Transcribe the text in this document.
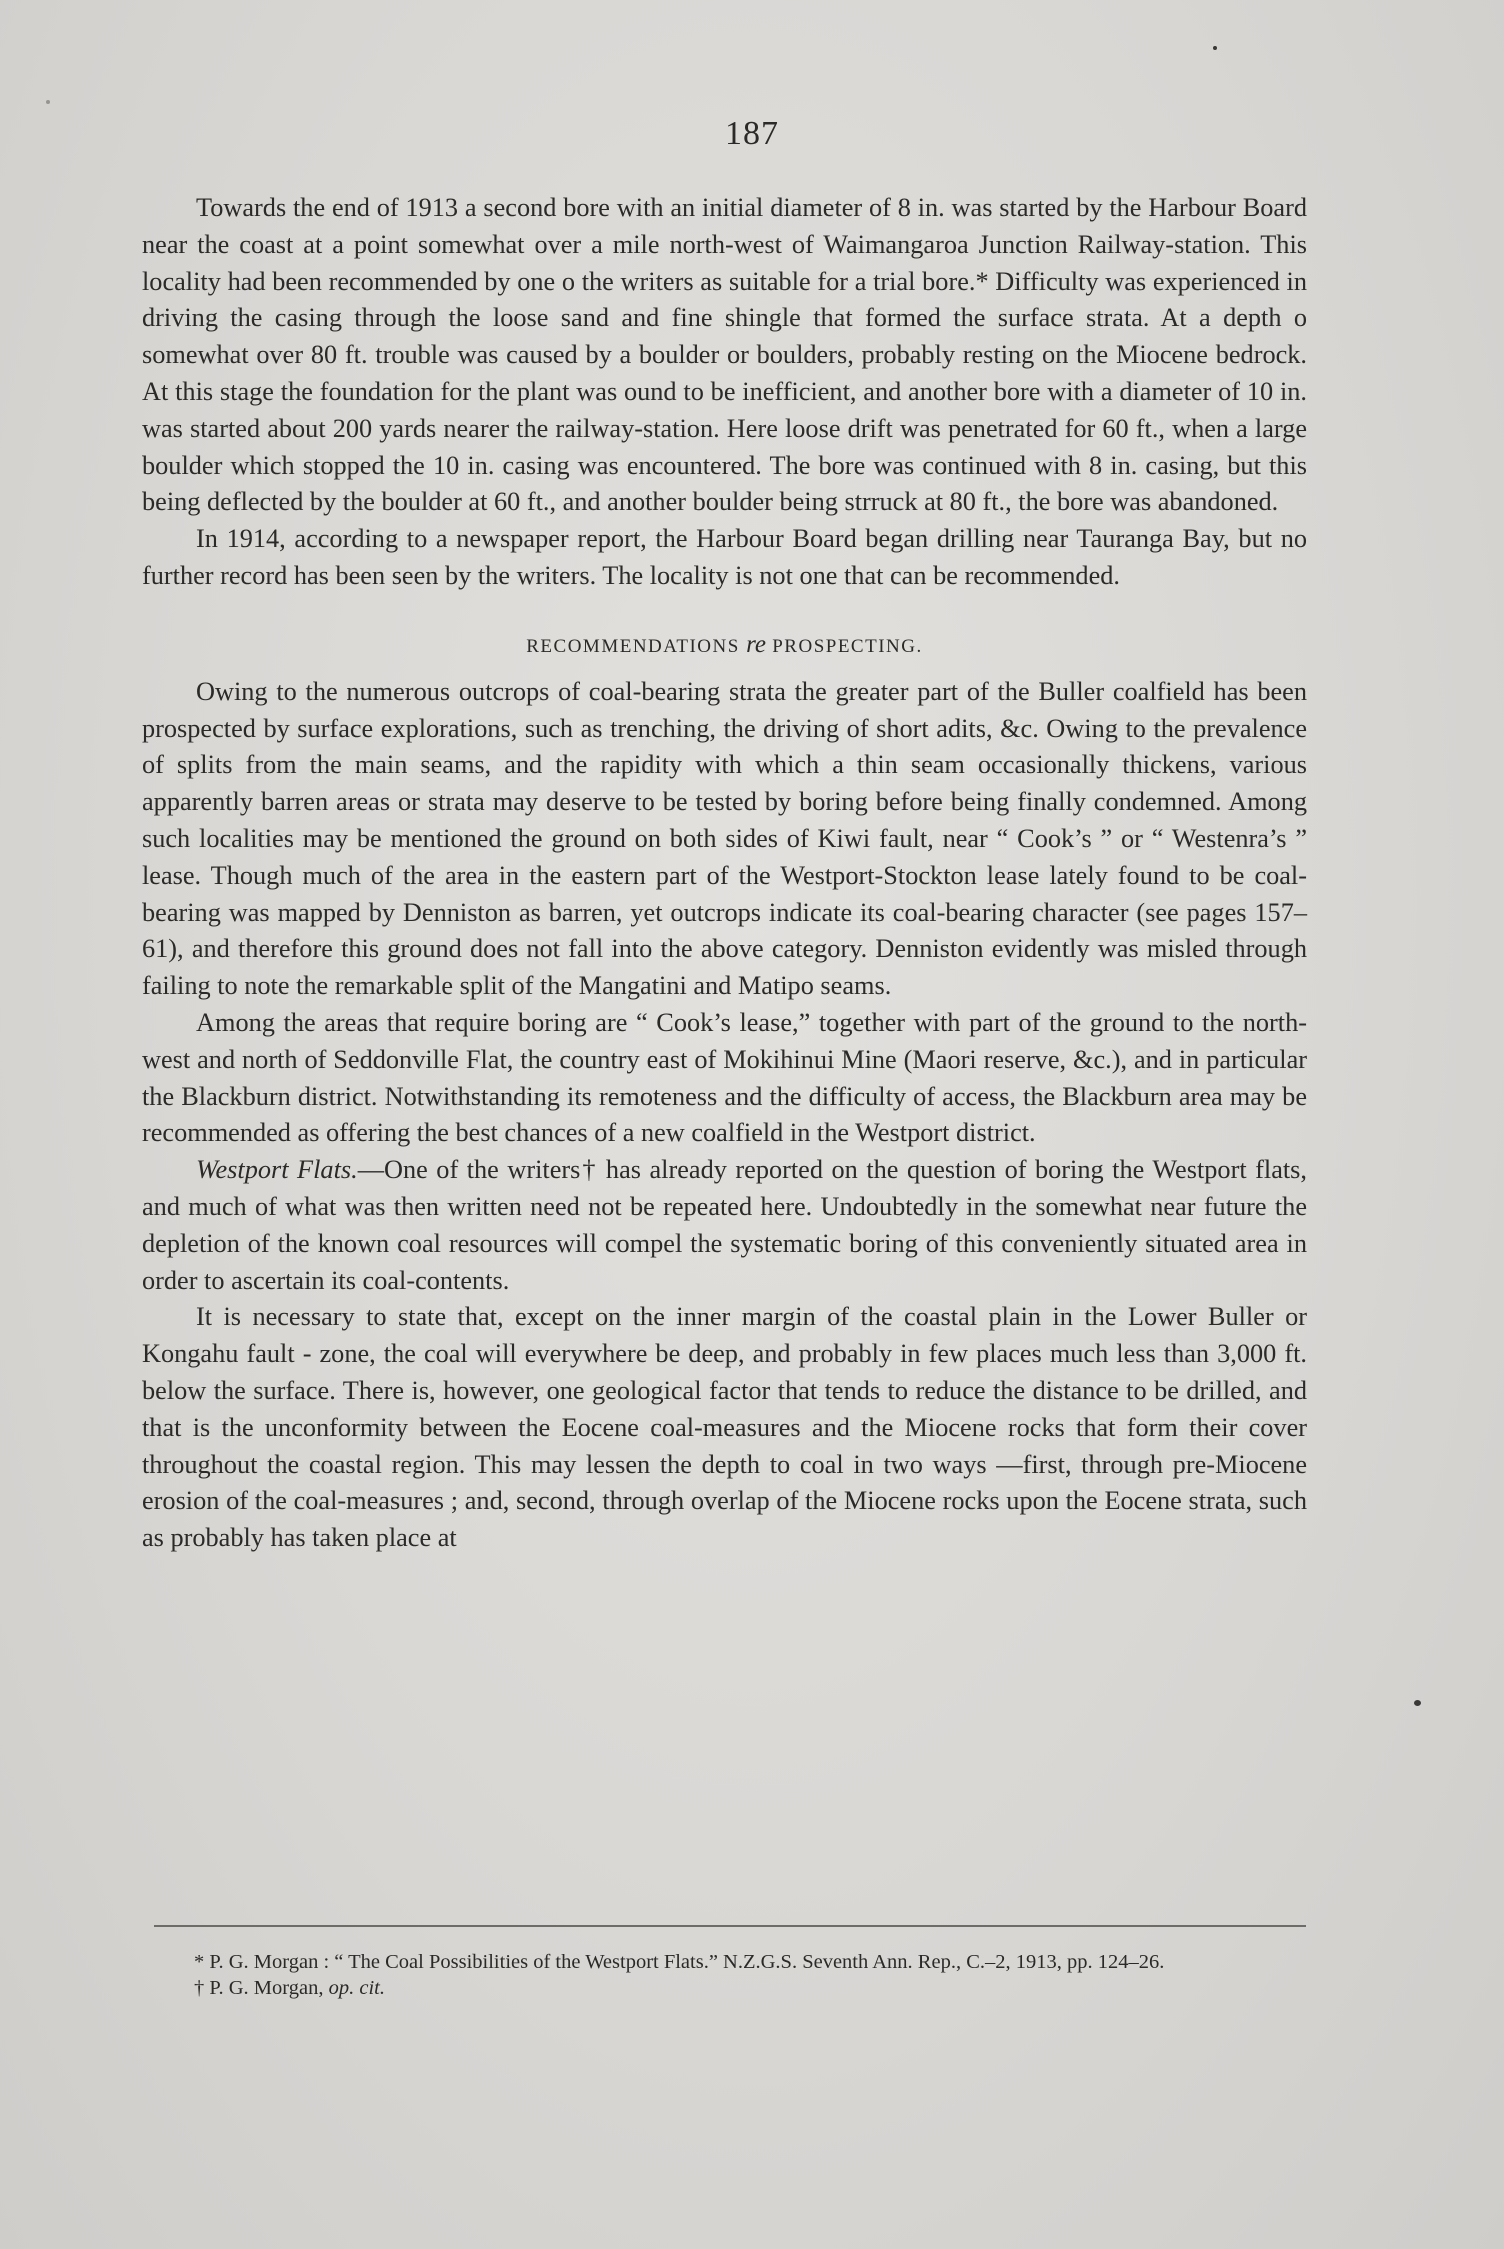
187

Towards the end of 1913 a second bore with an initial diameter of 8 in. was started by the Harbour Board near the coast at a point somewhat over a mile north-west of Waimangaroa Junction Railway-station. This locality had been recommended by one o the writers as suitable for a trial bore.* Difficulty was experienced in driving the casing through the loose sand and fine shingle that formed the surface strata. At a depth o somewhat over 80 ft. trouble was caused by a boulder or boulders, probably resting on the Miocene bedrock. At this stage the foundation for the plant was ound to be inefficient, and another bore with a diameter of 10 in. was started about 200 yards nearer the railway-station. Here loose drift was penetrated for 60 ft., when a large boulder which stopped the 10 in. casing was encountered. The bore was continued with 8 in. casing, but this being deflected by the boulder at 60 ft., and another boulder being strruck at 80 ft., the bore was abandoned.

In 1914, according to a newspaper report, the Harbour Board began drilling near Tauranga Bay, but no further record has been seen by the writers. The locality is not one that can be recommended.

RECOMMENDATIONS re PROSPECTING.

Owing to the numerous outcrops of coal-bearing strata the greater part of the Buller coalfield has been prospected by surface explorations, such as trenching, the driving of short adits, &c. Owing to the prevalence of splits from the main seams, and the rapidity with which a thin seam occasionally thickens, various apparently barren areas or strata may deserve to be tested by boring before being finally condemned. Among such localities may be mentioned the ground on both sides of Kiwi fault, near “ Cook’s ” or “ Westenra’s ” lease. Though much of the area in the eastern part of the Westport-Stockton lease lately found to be coal-bearing was mapped by Denniston as barren, yet outcrops indicate its coal-bearing character (see pages 157–61), and therefore this ground does not fall into the above category. Denniston evidently was misled through failing to note the remarkable split of the Mangatini and Matipo seams.

Among the areas that require boring are “ Cook’s lease,” together with part of the ground to the north-west and north of Seddonville Flat, the country east of Mokihinui Mine (Maori reserve, &c.), and in particular the Blackburn district. Notwithstanding its remoteness and the difficulty of access, the Blackburn area may be recommended as offering the best chances of a new coalfield in the Westport district.

Westport Flats.—One of the writers† has already reported on the question of boring the Westport flats, and much of what was then written need not be repeated here. Undoubtedly in the somewhat near future the depletion of the known coal resources will compel the systematic boring of this conveniently situated area in order to ascertain its coal-contents.

It is necessary to state that, except on the inner margin of the coastal plain in the Lower Buller or Kongahu fault - zone, the coal will everywhere be deep, and probably in few places much less than 3,000 ft. below the surface. There is, however, one geological factor that tends to reduce the distance to be drilled, and that is the unconformity between the Eocene coal-measures and the Miocene rocks that form their cover throughout the coastal region. This may lessen the depth to coal in two ways —first, through pre-Miocene erosion of the coal-measures ; and, second, through overlap of the Miocene rocks upon the Eocene strata, such as probably has taken place at

* P. G. Morgan : “ The Coal Possibilities of the Westport Flats.” N.Z.G.S. Seventh Ann. Rep., C.–2, 1913, pp. 124–26.

† P. G. Morgan, op. cit.
